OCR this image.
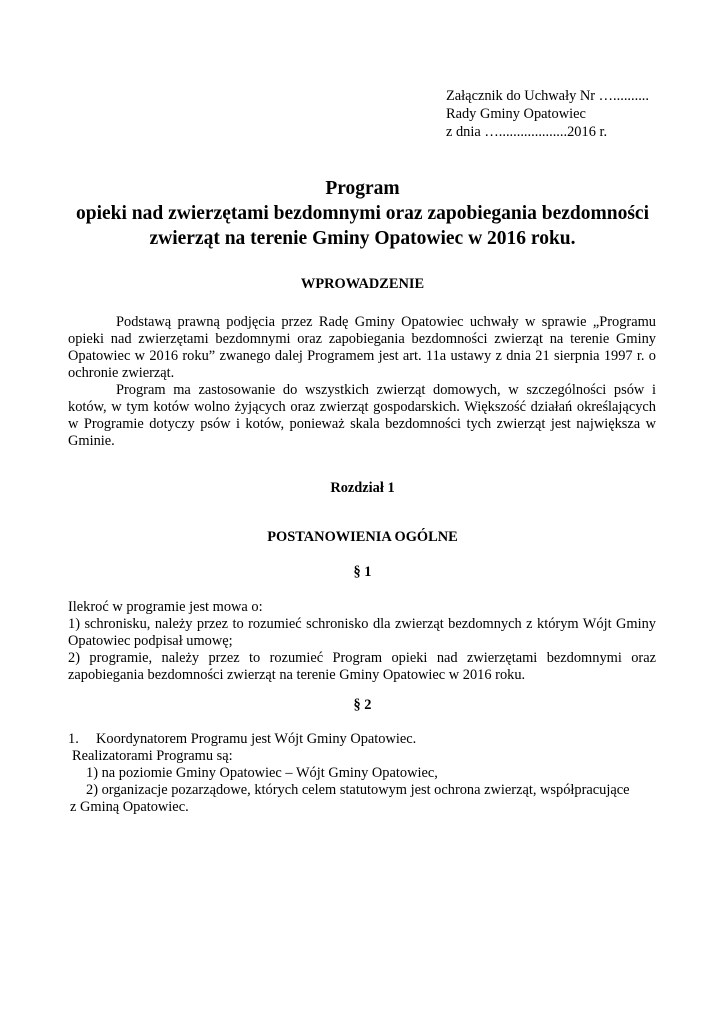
Załącznik do Uchwały Nr …..........
Rady Gminy Opatowiec
z dnia …...................2016 r.
Program
opieki nad zwierzętami bezdomnymi oraz zapobiegania bezdomności
zwierząt na terenie Gminy Opatowiec w 2016 roku.
WPROWADZENIE

Podstawą prawną podjęcia przez Radę Gminy Opatowiec uchwały w sprawie „Programu opieki nad zwierzętami bezdomnymi oraz zapobiegania bezdomności zwierząt na terenie Gminy Opatowiec w 2016 roku” zwanego dalej Programem jest art. 11a ustawy z dnia 21 sierpnia 1997 r. o ochronie zwierząt.

Program ma zastosowanie do wszystkich zwierząt domowych, w szczególności psów i kotów, w tym kotów wolno żyjących oraz zwierząt gospodarskich. Większość działań określających w Programie dotyczy psów i kotów, ponieważ skala bezdomności tych zwierząt jest największa w Gminie.

Rozdział 1
POSTANOWIENIA OGÓLNE
§ 1

Ilekroć w programie jest mowa o:

1) schronisku, należy przez to rozumieć schronisko dla zwierząt bezdomnych z którym Wójt Gminy Opatowiec podpisał umowę;

2) programie, należy przez to rozumieć Program opieki nad zwierzętami bezdomnymi oraz zapobiegania bezdomności zwierząt na terenie Gminy Opatowiec w 2016 roku.

§ 2
1. Koordynatorem Programu jest Wójt Gminy Opatowiec.
Realizatorami Programu są:
1) na poziomie Gminy Opatowiec – Wójt Gminy Opatowiec,
2) organizacje pozarządowe, których celem statutowym jest ochrona zwierząt, współpracujące
z Gminą Opatowiec.
